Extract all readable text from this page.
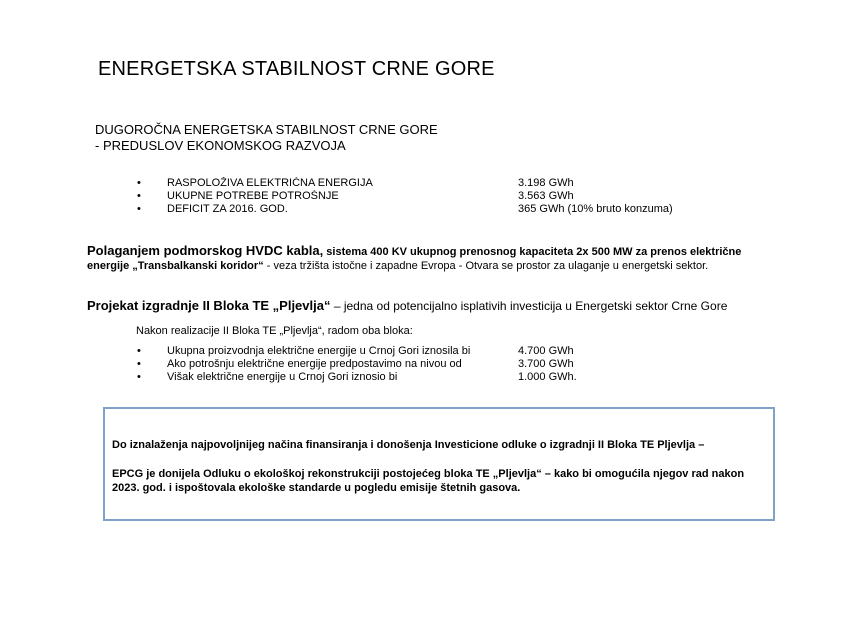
ENERGETSKA STABILNOST CRNE GORE
DUGOROČNA ENERGETSKA STABILNOST CRNE GORE
- PREDUSLOV EKONOMSKOG RAZVOJA
•	RASPOLOŽIVA ELEKTRIČNA ENERGIJA	3.198 GWh
•	UKUPNE POTREBE POTROŠNJE	3.563 GWh
•	DEFICIT ZA 2016. GOD.	365 GWh (10% bruto konzuma)
Polaganjem podmorskog HVDC kabla, sistema 400 KV ukupnog prenosnog kapaciteta 2x 500 MW za prenos električne energije „Transbalkanski koridor“ - veza tržišta istočne i zapadne Evropa - Otvara se prostor za ulaganje u energetski sektor.
Projekat izgradnje II Bloka TE „Pljevlja“ – jedna od potencijalno isplativih investicija u Energetski sektor Crne Gore
Nakon realizacije II Bloka TE „Pljevlja“, radom oba bloka:
•	Ukupna proizvodnja električne energije u Crnoj Gori iznosila bi	4.700 GWh
•	Ako potrošnju električne energije predpostavimo na nivou od	3.700 GWh
•	Višak električne energije u Crnoj Gori iznosio bi	1.000 GWh.

Do iznalaženja najpovoljnijeg načina finansiranja i donošenja Investicione odluke o izgradnji II Bloka TE Pljevlja –

EPCG je donijela Odluku o ekološkoj rekonstrukciji postojećeg bloka TE „Pljevlja“ – kako bi omogućila njegov rad nakon 2023. god. i ispoštovala ekološke standarde u pogledu emisije štetnih gasova.
